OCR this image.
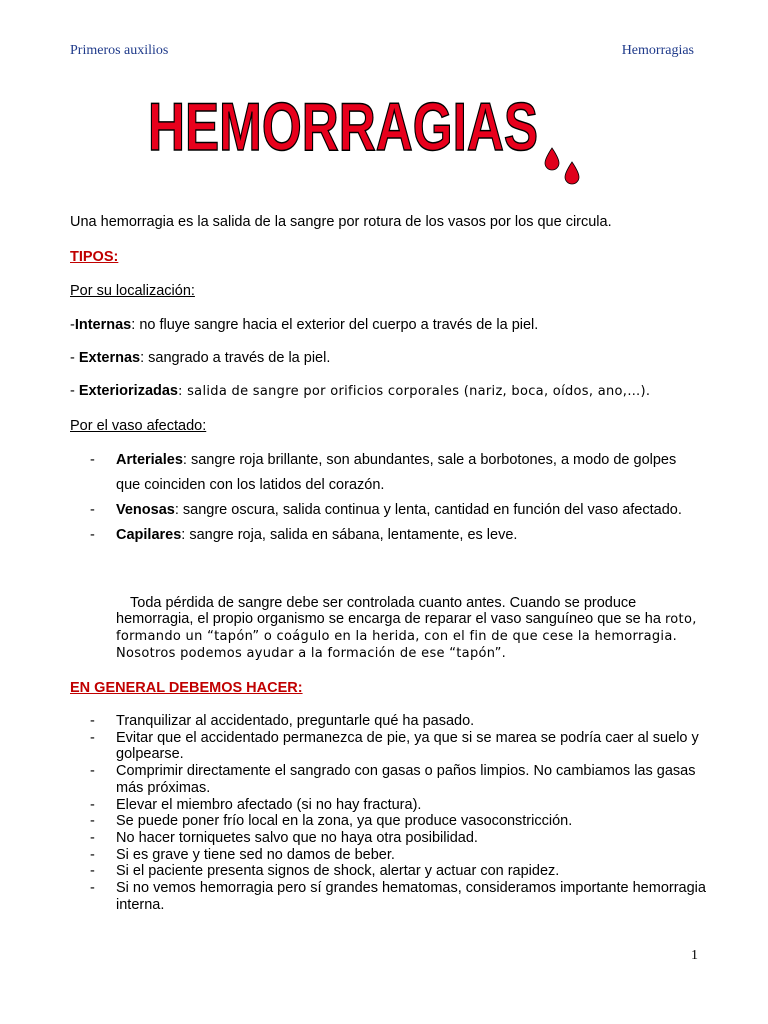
Primeros auxilios	Hemorragias
HEMORRAGIAS
Una hemorragia es la salida de la sangre por rotura de los vasos por los que circula.
TIPOS:
Por su localización:
-Internas: no fluye sangre hacia el exterior del cuerpo a través de la piel.
- Externas: sangrado a través de la piel.
- Exteriorizadas: salida de sangre por orificios corporales (nariz, boca, oídos, ano,…).
Por el vaso afectado:
- Arteriales: sangre roja brillante, son abundantes, sale a borbotones, a modo de golpes que coinciden con los latidos del corazón.
- Venosas: sangre oscura, salida continua y lenta, cantidad en función del vaso afectado.
- Capilares: sangre roja, salida en sábana, lentamente, es leve.
Toda pérdida de sangre debe ser controlada cuanto antes. Cuando se produce hemorragia, el propio organismo se encarga de reparar el vaso sanguíneo que se ha roto, formando un “tapón” o coágulo en la herida, con el fin de que cese la hemorragia. Nosotros podemos ayudar a la formación de ese “tapón”.
EN GENERAL DEBEMOS HACER:
- Tranquilizar al accidentado, preguntarle qué ha pasado.
- Evitar que el accidentado permanezca de pie, ya que si se marea se podría caer al suelo y golpearse.
- Comprimir directamente el sangrado con gasas o paños limpios. No cambiamos las gasas más próximas.
- Elevar el miembro afectado (si no hay fractura).
- Se puede poner frío local en la zona, ya que produce vasoconstricción.
- No hacer torniquetes salvo que no haya otra posibilidad.
- Si es grave y tiene sed no damos de beber.
- Si el paciente presenta signos de shock, alertar y actuar con rapidez.
- Si no vemos hemorragia pero sí grandes hematomas, consideramos importante hemorragia interna.
1
